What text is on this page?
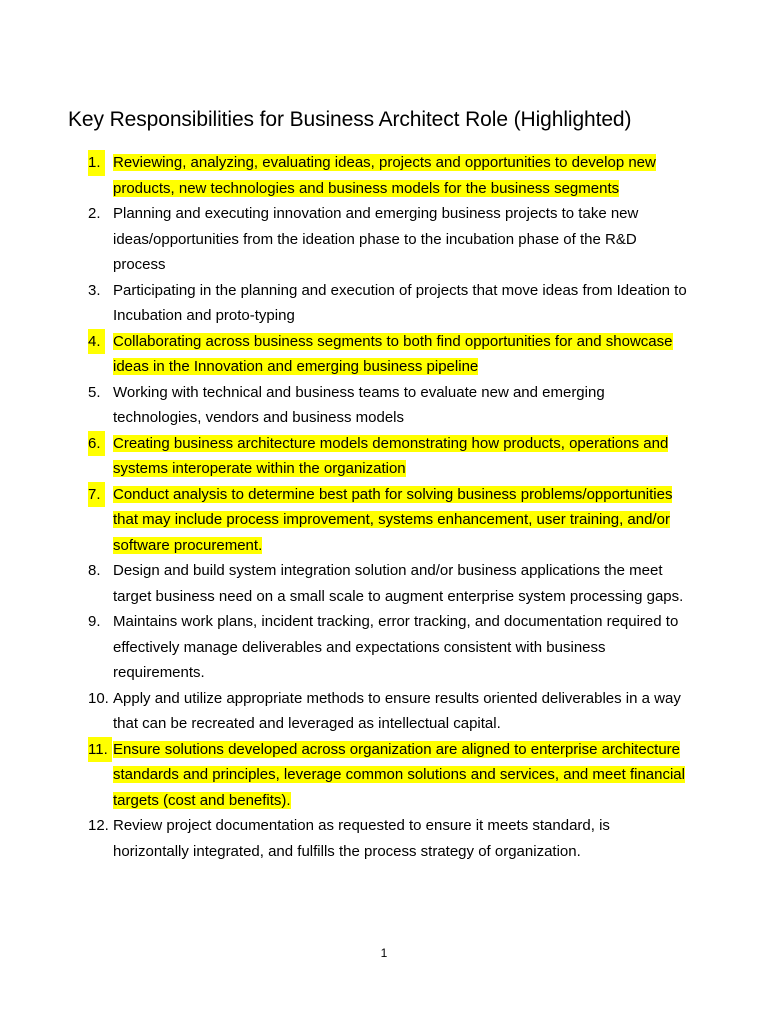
Key Responsibilities for Business Architect Role (Highlighted)
1. Reviewing, analyzing, evaluating ideas, projects and opportunities to develop new products, new technologies and business models for the business segments
2. Planning and executing innovation and emerging business projects to take new ideas/opportunities from the ideation phase to the incubation phase of the R&D process
3. Participating in the planning and execution of projects that move ideas from Ideation to Incubation and proto-typing
4. Collaborating across business segments to both find opportunities for and showcase ideas in the Innovation and emerging business pipeline
5. Working with technical and business teams to evaluate new and emerging technologies, vendors and business models
6. Creating business architecture models demonstrating how products, operations and systems interoperate within the organization
7. Conduct analysis to determine best path for solving business problems/opportunities that may include process improvement, systems enhancement, user training, and/or software procurement.
8. Design and build system integration solution and/or business applications the meet target business need on a small scale to augment enterprise system processing gaps.
9. Maintains work plans, incident tracking, error tracking, and documentation required to effectively manage deliverables and expectations consistent with business requirements.
10. Apply and utilize appropriate methods to ensure results oriented deliverables in a way that can be recreated and leveraged as intellectual capital.
11. Ensure solutions developed across organization are aligned to enterprise architecture standards and principles, leverage common solutions and services, and meet financial targets (cost and benefits).
12. Review project documentation as requested to ensure it meets standard, is horizontally integrated, and fulfills the process strategy of organization.
1
